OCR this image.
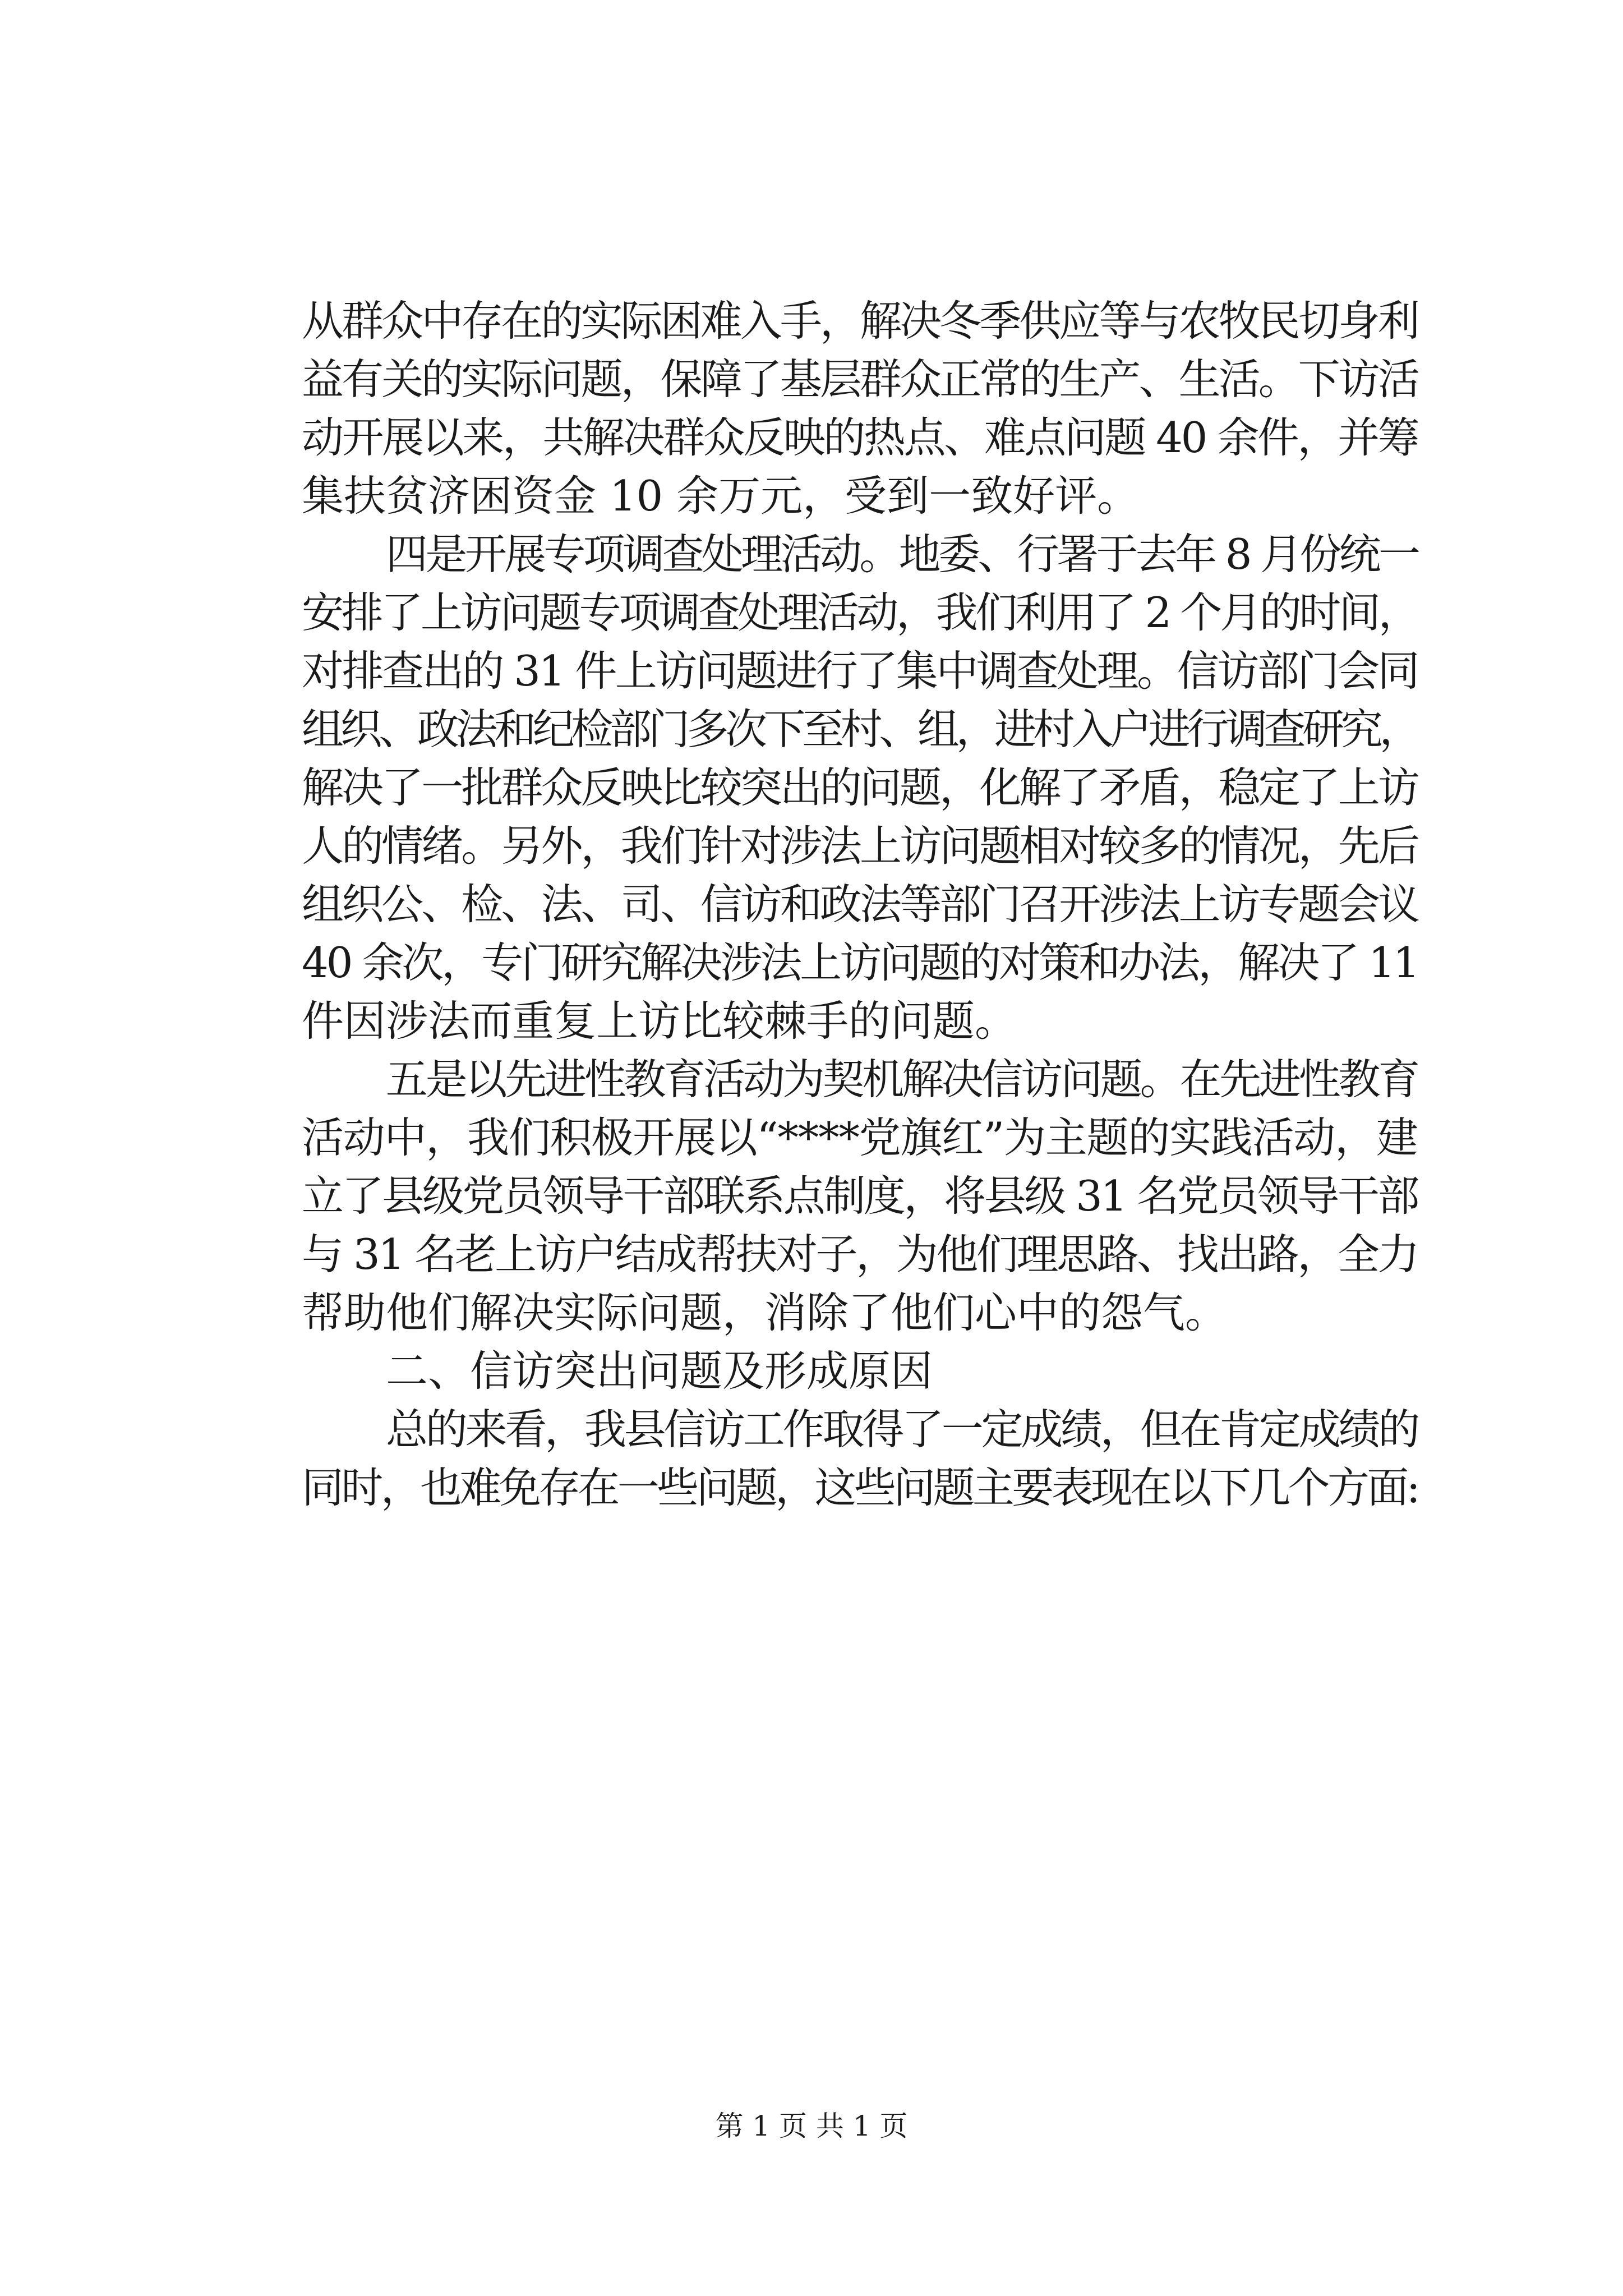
从群众中存在的实际困难入手，解决冬季供应等与农牧民切身利
益有关的实际问题，保障了基层群众正常的生产、生活。下访活
动开展以来，共解决群众反映的热点、难点问题 40 余件，并筹
集扶贫济困资金 10 余万元，受到一致好评。
四是开展专项调查处理活动。地委、行署于去年 8 月份统一
安排了上访问题专项调查处理活动，我们利用了 2 个月的时间，
对排查出的 31 件上访问题进行了集中调查处理。信访部门会同
组织、政法和纪检部门多次下至村、组，进村入户进行调查研究，
解决了一批群众反映比较突出的问题，化解了矛盾，稳定了上访
人的情绪。另外，我们针对涉法上访问题相对较多的情况，先后
组织公、检、法、司、信访和政法等部门召开涉法上访专题会议
40 余次，专门研究解决涉法上访问题的对策和办法，解决了 11
件因涉法而重复上访比较棘手的问题。
五是以先进性教育活动为契机解决信访问题。在先进性教育
活动中，我们积极开展以“****党旗红”为主题的实践活动，建
立了县级党员领导干部联系点制度，将县级 31 名党员领导干部
与 31 名老上访户结成帮扶对子，为他们理思路、找出路，全力
帮助他们解决实际问题，消除了他们心中的怨气。
二、信访突出问题及形成原因
总的来看，我县信访工作取得了一定成绩，但在肯定成绩的
同时，也难免存在一些问题，这些问题主要表现在以下几个方面:
第 1 页 共 1 页
